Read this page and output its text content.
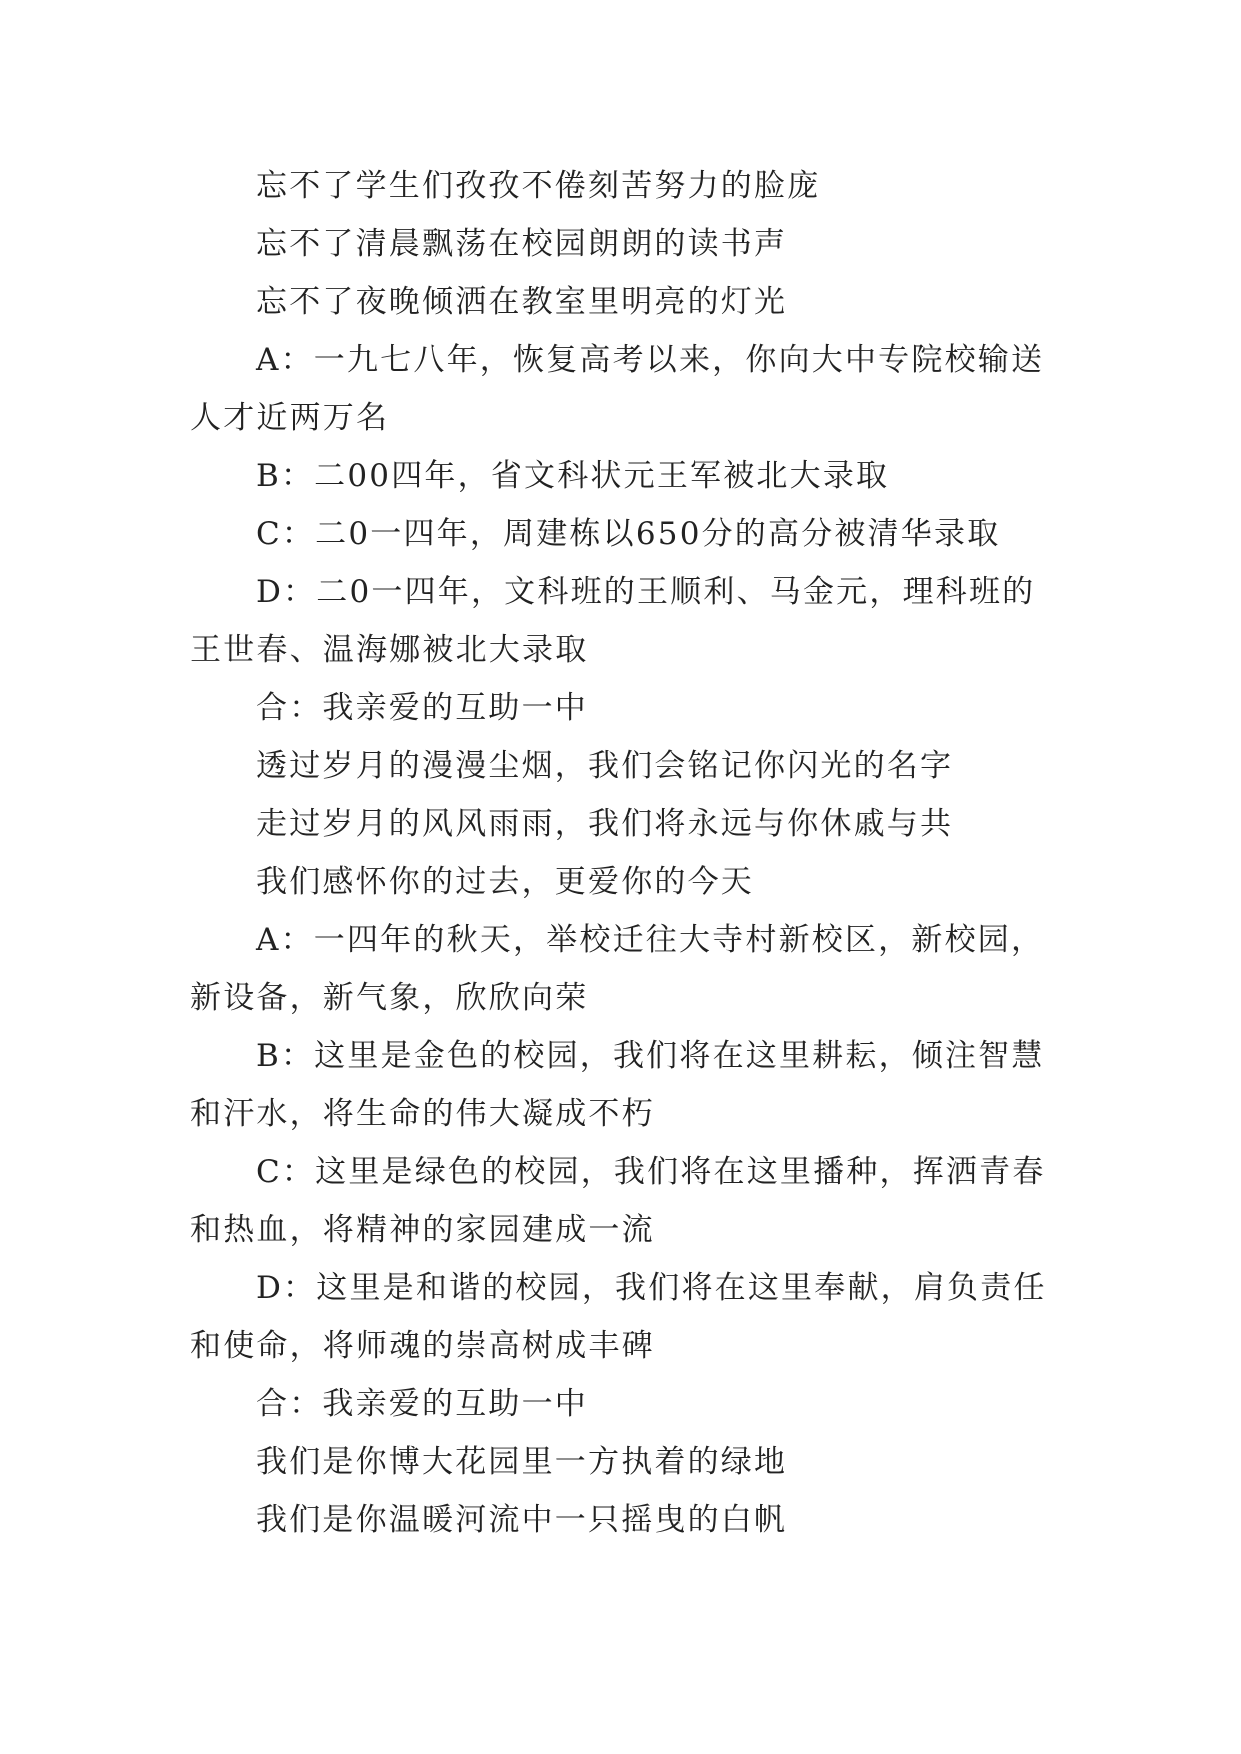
忘不了学生们孜孜不倦刻苦努力的脸庞

忘不了清晨飘荡在校园朗朗的读书声

忘不了夜晚倾洒在教室里明亮的灯光

A：一九七八年，恢复高考以来，你向大中专院校输送

人才近两万名

B：二00四年，省文科状元王军被北大录取

C：二0一四年，周建栋以650分的高分被清华录取

D：二0一四年，文科班的王顺利、马金元，理科班的

王世春、温海娜被北大录取

合：我亲爱的互助一中

透过岁月的漫漫尘烟，我们会铭记你闪光的名字

走过岁月的风风雨雨，我们将永远与你休戚与共

我们感怀你的过去，更爱你的今天

A：一四年的秋天，举校迁往大寺村新校区，新校园，

新设备，新气象，欣欣向荣

B：这里是金色的校园，我们将在这里耕耘，倾注智慧

和汗水，将生命的伟大凝成不朽

C：这里是绿色的校园，我们将在这里播种，挥洒青春

和热血，将精神的家园建成一流

D：这里是和谐的校园，我们将在这里奉献，肩负责任

和使命，将师魂的崇高树成丰碑

合：我亲爱的互助一中

我们是你博大花园里一方执着的绿地

我们是你温暖河流中一只摇曳的白帆
